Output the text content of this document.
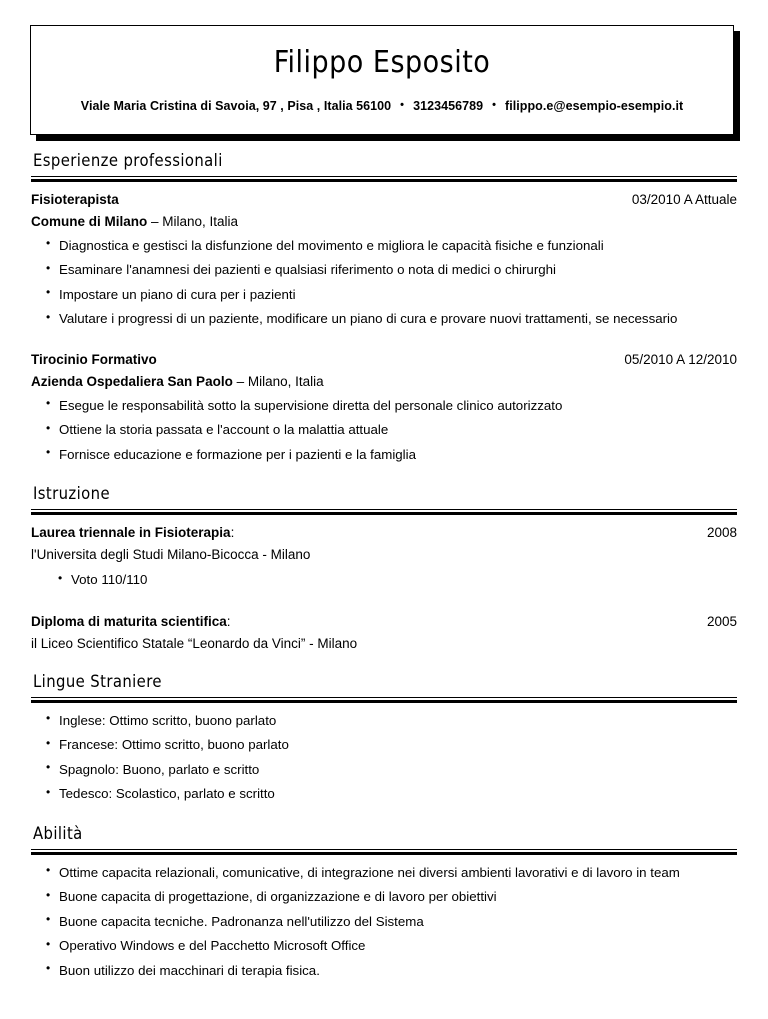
Filippo Esposito
Viale Maria Cristina di Savoia, 97 , Pisa , Italia 56100 • 3123456789 • filippo.e@esempio-esempio.it
Esperienze professionali
Fisioterapista	03/2010 A Attuale
Comune di Milano – Milano, Italia
• Diagnostica e gestisci la disfunzione del movimento e migliora le capacità fisiche e funzionali
• Esaminare l'anamnesi dei pazienti e qualsiasi riferimento o nota di medici o chirurghi
• Impostare un piano di cura per i pazienti
• Valutare i progressi di un paziente, modificare un piano di cura e provare nuovi trattamenti, se necessario
Tirocinio Formativo	05/2010 A 12/2010
Azienda Ospedaliera San Paolo – Milano, Italia
• Esegue le responsabilità sotto la supervisione diretta del personale clinico autorizzato
• Ottiene la storia passata e l'account o la malattia attuale
• Fornisce educazione e formazione per i pazienti e la famiglia
Istruzione
Laurea triennale in Fisioterapia:	2008
l'Universita degli Studi Milano-Bicocca - Milano
• Voto 110/110
Diploma di maturita scientifica:	2005
il Liceo Scientifico Statale “Leonardo da Vinci” - Milano
Lingue Straniere
• Inglese: Ottimo scritto, buono parlato
• Francese: Ottimo scritto, buono parlato
• Spagnolo: Buono, parlato e scritto
• Tedesco: Scolastico, parlato e scritto
Abilità
• Ottime capacita relazionali, comunicative, di integrazione nei diversi ambienti lavorativi e di lavoro in team
• Buone capacita di progettazione, di organizzazione e di lavoro per obiettivi
• Buone capacita tecniche. Padronanza nell'utilizzo del Sistema
• Operativo Windows e del Pacchetto Microsoft Office
• Buon utilizzo dei macchinari di terapia fisica.
